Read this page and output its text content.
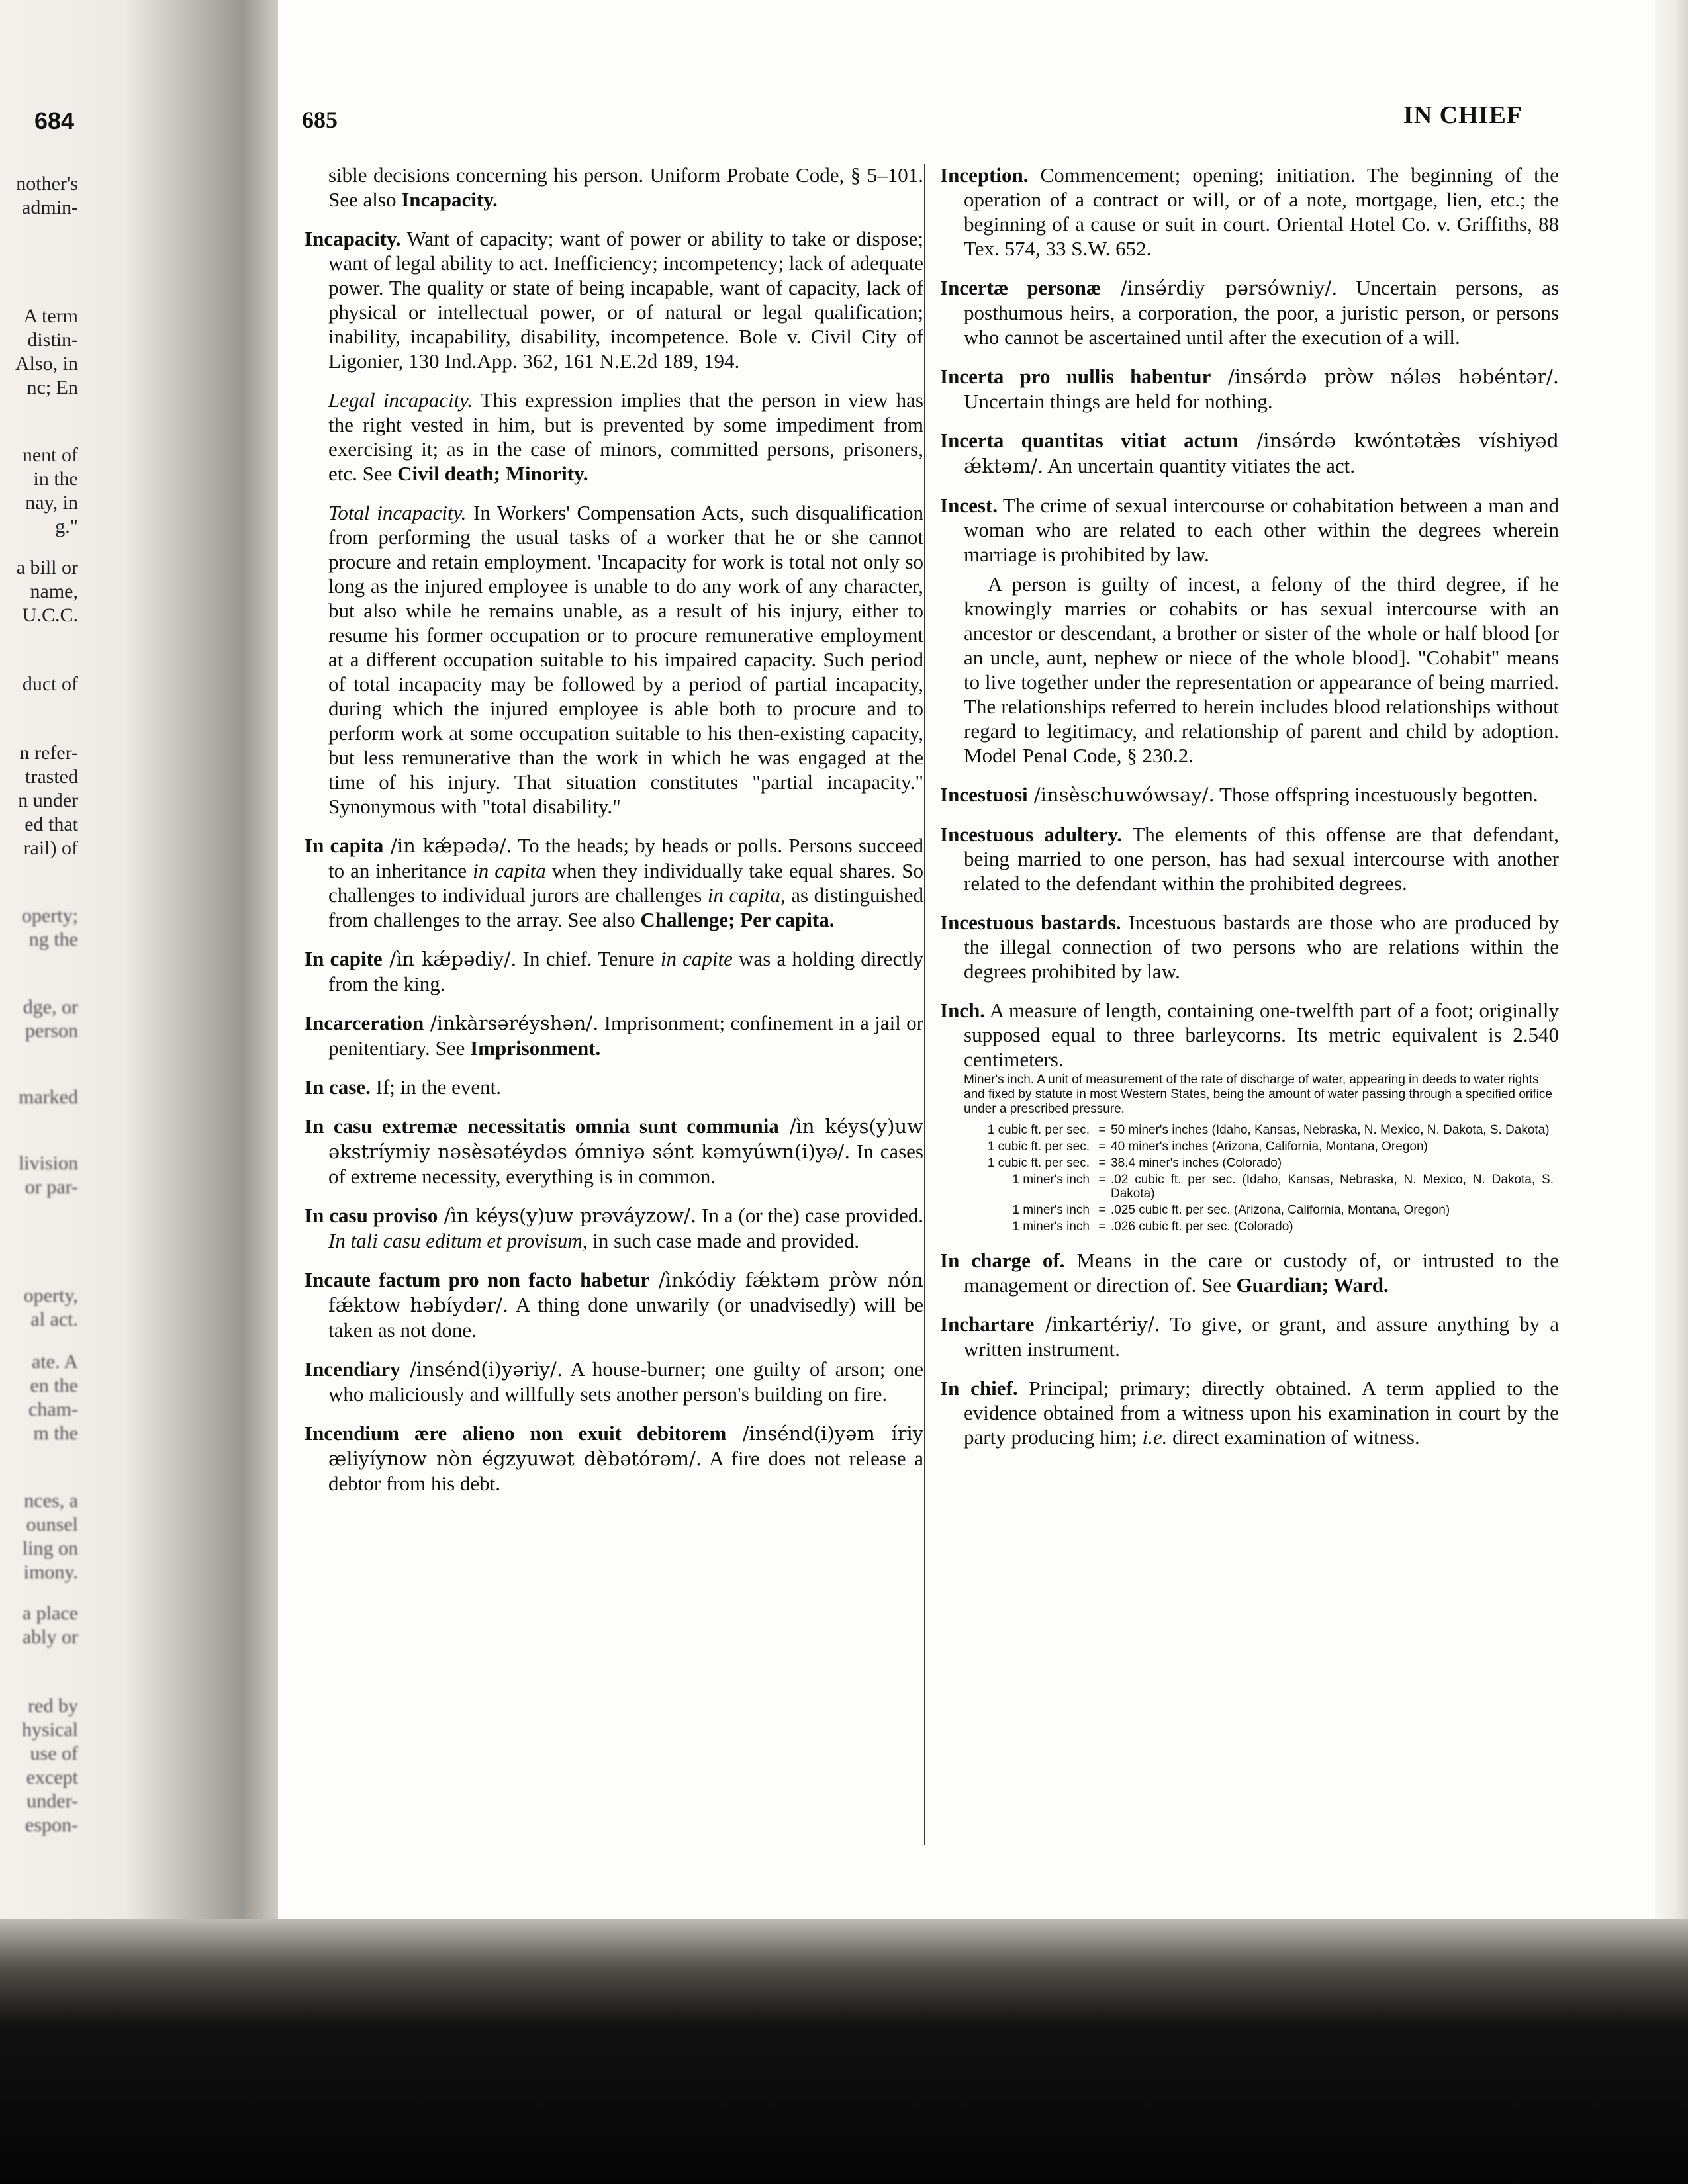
684
nother's
admin-
A term
distin-
Also, in
nc; En
nent of
in the
nay, in
g."
a bill or
name,
U.C.C.
duct of
n refer-
trasted
n under
ed that
rail) of
operty;
ng the
dge, or
person
marked
livision
or par-
operty,
al act.
ate. A
en the
cham-
m the
nces, a
ounsel
ling on
imony.
a place
ably or
red by
hysical
use of
except
under-
espon-
685	IN CHIEF

sible decisions concerning his person. Uniform Probate Code, § 5–101. See also Incapacity.

Incapacity. Want of capacity; want of power or ability to take or dispose; want of legal ability to act. Inefficiency; incompetency; lack of adequate power. The quality or state of being incapable, want of capacity, lack of physical or intellectual power, or of natural or legal qualification; inability, incapability, disability, incompetence. Bole v. Civil City of Ligonier, 130 Ind.App. 362, 161 N.E.2d 189, 194.

Legal incapacity. This expression implies that the person in view has the right vested in him, but is prevented by some impediment from exercising it; as in the case of minors, committed persons, prisoners, etc. See Civil death; Minority.

Total incapacity. In Workers' Compensation Acts, such disqualification from performing the usual tasks of a worker that he or she cannot procure and retain employment. 'Incapacity for work is total not only so long as the injured employee is unable to do any work of any character, but also while he remains unable, as a result of his injury, either to resume his former occupation or to procure remunerative employment at a different occupation suitable to his impaired capacity. Such period of total incapacity may be followed by a period of partial incapacity, during which the injured employee is able both to procure and to perform work at some occupation suitable to his then-existing capacity, but less remunerative than the work in which he was engaged at the time of his injury. That situation constitutes "partial incapacity." Synonymous with "total disability."

In capita /in kǽpədə/. To the heads; by heads or polls. Persons succeed to an inheritance in capita when they individually take equal shares. So challenges to individual jurors are challenges in capita, as distinguished from challenges to the array. See also Challenge; Per capita.

In capite /ìn kǽpədiy/. In chief. Tenure in capite was a holding directly from the king.

Incarceration /inkàrsəréyshən/. Imprisonment; confinement in a jail or penitentiary. See Imprisonment.

In case. If; in the event.

In casu extremæ necessitatis omnia sunt communia /ìn kéys(y)uw əkstríymiy nəsèsətéydəs ómniyə sə́nt kəmyúwn(i)yə/. In cases of extreme necessity, everything is in common.

In casu proviso /ìn kéys(y)uw prəváyzow/. In a (or the) case provided. In tali casu editum et provisum, in such case made and provided.

Incaute factum pro non facto habetur /ìnkódiy fǽktəm pròw nón fǽktow həbíydər/. A thing done unwarily (or unadvisedly) will be taken as not done.

Incendiary /insénd(i)yəriy/. A house-burner; one guilty of arson; one who maliciously and willfully sets another person's building on fire.

Incendium ære alieno non exuit debitorem /insénd(i)yəm íriy æliyíynow nòn égzyuwət dèbətórəm/. A fire does not release a debtor from his debt.

Inception. Commencement; opening; initiation. The beginning of the operation of a contract or will, or of a note, mortgage, lien, etc.; the beginning of a cause or suit in court. Oriental Hotel Co. v. Griffiths, 88 Tex. 574, 33 S.W. 652.

Incertæ personæ /insə́rdiy pərsówniy/. Uncertain persons, as posthumous heirs, a corporation, the poor, a juristic person, or persons who cannot be ascertained until after the execution of a will.

Incerta pro nullis habentur /insə́rdə pròw nə́ləs həbéntər/. Uncertain things are held for nothing.

Incerta quantitas vitiat actum /insə́rdə kwóntətæ̀s víshiyəd ǽktəm/. An uncertain quantity vitiates the act.

Incest. The crime of sexual intercourse or cohabitation between a man and woman who are related to each other within the degrees wherein marriage is prohibited by law.

A person is guilty of incest, a felony of the third degree, if he knowingly marries or cohabits or has sexual intercourse with an ancestor or descendant, a brother or sister of the whole or half blood [or an uncle, aunt, nephew or niece of the whole blood]. "Cohabit" means to live together under the representation or appearance of being married. The relationships referred to herein includes blood relationships without regard to legitimacy, and relationship of parent and child by adoption. Model Penal Code, § 230.2.

Incestuosi /insèschuwówsay/. Those offspring incestuously begotten.

Incestuous adultery. The elements of this offense are that defendant, being married to one person, has had sexual intercourse with another related to the defendant within the prohibited degrees.

Incestuous bastards. Incestuous bastards are those who are produced by the illegal connection of two persons who are relations within the degrees prohibited by law.

Inch. A measure of length, containing one-twelfth part of a foot; originally supposed equal to three barleycorns. Its metric equivalent is 2.540 centimeters.

Miner's inch. A unit of measurement of the rate of discharge of water, appearing in deeds to water rights and fixed by statute in most Western States, being the amount of water passing through a specified orifice under a prescribed pressure.

1 cubic ft. per sec.	=	50 miner's inches (Idaho, Kansas, Nebraska, N. Mexico, N. Dakota, S. Dakota)
1 cubic ft. per sec.	=	40 miner's inches (Arizona, California, Montana, Oregon)
1 cubic ft. per sec.	=	38.4 miner's inches (Colorado)
1 miner's inch	=	.02 cubic ft. per sec. (Idaho, Kansas, Nebraska, N. Mexico, N. Dakota, S. Dakota)
1 miner's inch	=	.025 cubic ft. per sec. (Arizona, California, Montana, Oregon)
1 miner's inch	=	.026 cubic ft. per sec. (Colorado)

In charge of. Means in the care or custody of, or intrusted to the management or direction of. See Guardian; Ward.

Inchartare /inkartériy/. To give, or grant, and assure anything by a written instrument.

In chief. Principal; primary; directly obtained. A term applied to the evidence obtained from a witness upon his examination in court by the party producing him; i.e. direct examination of witness.
